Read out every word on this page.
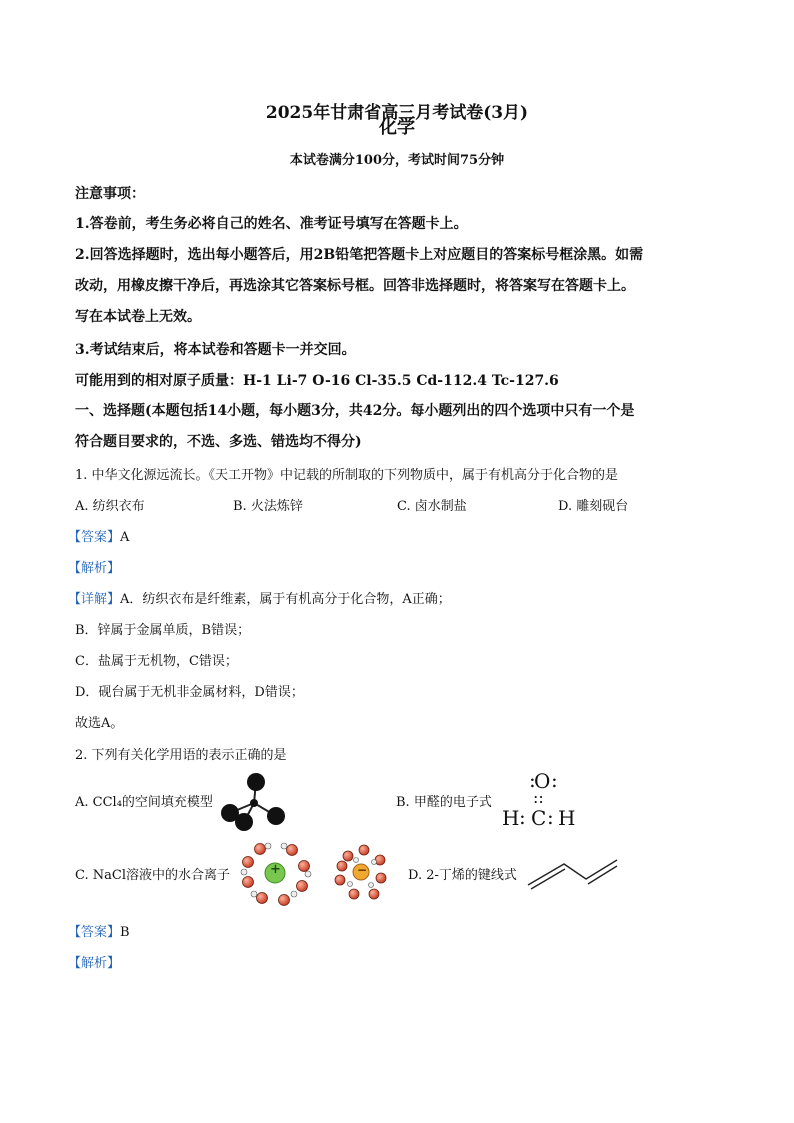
2025年甘肃省高三月考试卷(3月)
化学
本试卷满分100分，考试时间75分钟
注意事项：
1.答卷前，考生务必将自己的姓名、准考证号填写在答题卡上。
2.回答选择题时，选出每小题答后，用2B铅笔把答题卡上对应题目的答案标号框涂黑。如需
改动，用橡皮擦干净后，再选涂其它答案标号框。回答非选择题时，将答案写在答题卡上。
写在本试卷上无效。
3.考试结束后，将本试卷和答题卡一并交回。
可能用到的相对原子质量：H-1 Li-7 O-16 Cl-35.5 Cd-112.4 Tc-127.6
一、选择题(本题包括14小题，每小题3分，共42分。每小题列出的四个选项中只有一个是
符合题目要求的，不选、多选、错选均不得分)
1. 中华文化源远流长。《天工开物》中记载的所制取的下列物质中，属于有机高分于化合物的是
A. 纺织衣布	B. 火法炼锌	C. 卤水制盐	D. 雕刻砚台
【答案】A
【解析】
【详解】A．纺织衣布是纤维素，属于有机高分于化合物，A正确；
B．锌属于金属单质，B错误；
C．盐属于无机物，C错误；
D．砚台属于无机非金属材料，D错误；
故选A。
2. 下列有关化学用语的表示正确的是
A. CCl₄的空间填充模型	B. 甲醛的电子式
:
O :
::
H : C : H
C. NaCl溶液中的水合离子	+	−	D. 2-丁烯的键线式
【答案】B
【解析】
